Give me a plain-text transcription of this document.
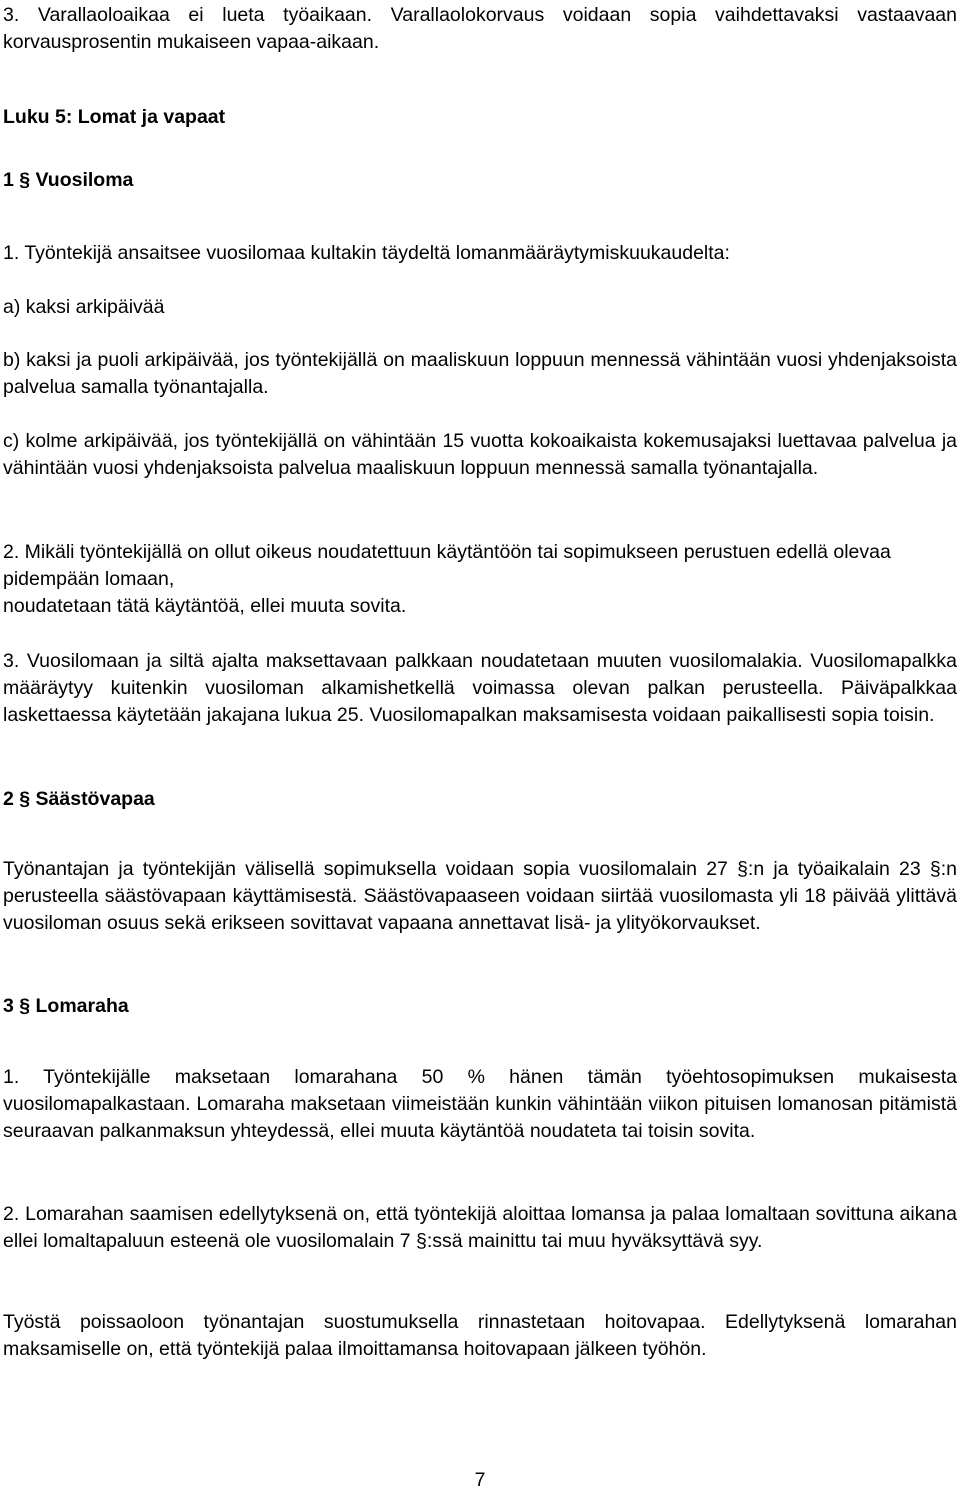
3. Varallaoloaikaa ei lueta työaikaan. Varallaolokorvaus voidaan sopia vaihdettavaksi vastaavaan korvausprosentin mukaiseen vapaa-aikaan.

Luku 5: Lomat ja vapaat

1 § Vuosiloma

1. Työntekijä ansaitsee vuosilomaa kultakin täydeltä lomanmääräytymiskuukaudelta:

a) kaksi arkipäivää

b) kaksi ja puoli arkipäivää, jos työntekijällä on maaliskuun loppuun mennessä vähintään vuosi yhdenjaksoista palvelua samalla työnantajalla.

c) kolme arkipäivää, jos työntekijällä on vähintään 15 vuotta kokoaikaista kokemusajaksi luettavaa palvelua ja vähintään vuosi yhdenjaksoista palvelua maaliskuun loppuun mennessä samalla työnantajalla.

2. Mikäli työntekijällä on ollut oikeus noudatettuun käytäntöön tai sopimukseen perustuen edellä olevaa pidempään lomaan,
noudatetaan tätä käytäntöä, ellei muuta sovita.

3. Vuosilomaan ja siltä ajalta maksettavaan palkkaan noudatetaan muuten vuosilomalakia. Vuosilomapalkka määräytyy kuitenkin vuosiloman alkamishetkellä voimassa olevan palkan perusteella. Päiväpalkkaa laskettaessa käytetään jakajana lukua 25. Vuosilomapalkan maksamisesta voidaan paikallisesti sopia toisin.

2 § Säästövapaa

Työnantajan ja työntekijän välisellä sopimuksella voidaan sopia vuosilomalain 27 §:n ja työaikalain 23 §:n perusteella säästövapaan käyttämisestä. Säästövapaaseen voidaan siirtää vuosilomasta yli 18 päivää ylittävä vuosiloman osuus sekä erikseen sovittavat vapaana annettavat lisä- ja ylityökorvaukset.

3 § Lomaraha

1. Työntekijälle maksetaan lomarahana 50 % hänen tämän työehtosopimuksen mukaisesta vuosilomapalkastaan. Lomaraha maksetaan viimeistään kunkin vähintään viikon pituisen lomanosan pitämistä seuraavan palkanmaksun yhteydessä, ellei muuta käytäntöä noudateta tai toisin sovita.

2. Lomarahan saamisen edellytyksenä on, että työntekijä aloittaa lomansa ja palaa lomaltaan sovittuna aikana ellei lomaltapaluun esteenä ole vuosilomalain 7 §:ssä mainittu tai muu hyväksyttävä syy.

Työstä poissaoloon työnantajan suostumuksella rinnastetaan hoitovapaa. Edellytyksenä lomarahan maksamiselle on, että työntekijä palaa ilmoittamansa hoitovapaan jälkeen työhön.

7
